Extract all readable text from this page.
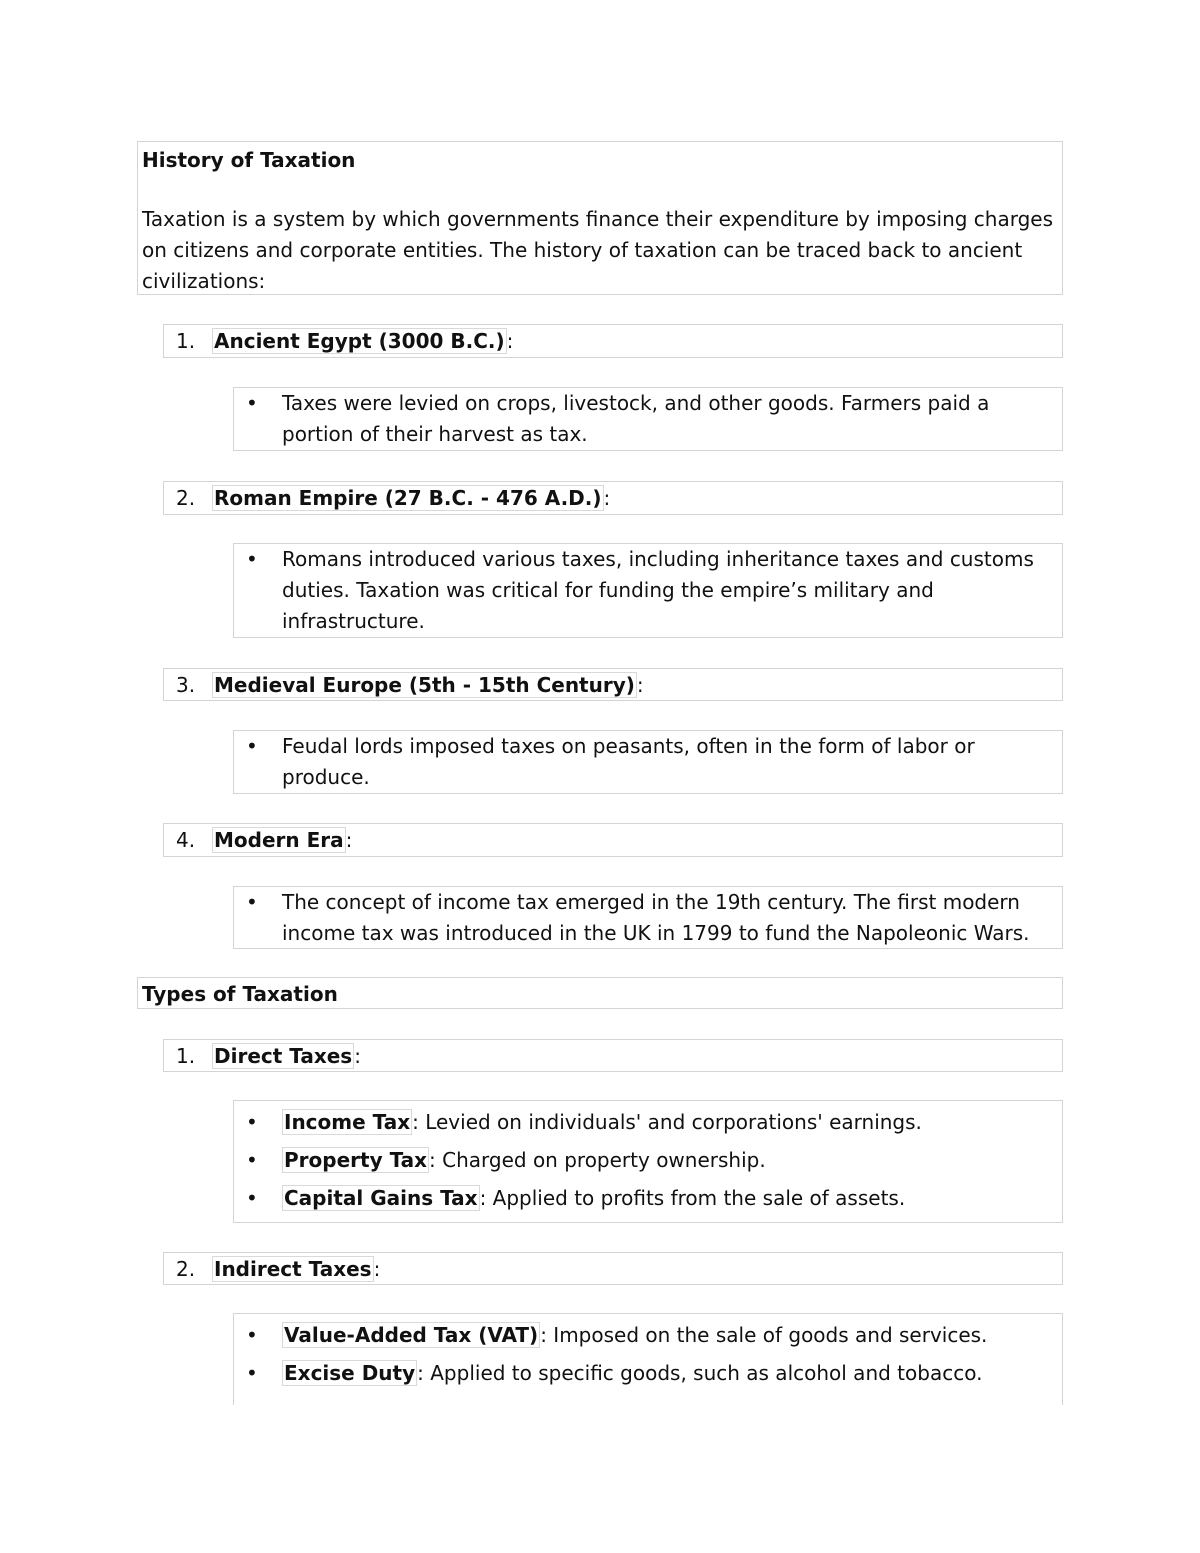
History of Taxation
Taxation is a system by which governments finance their expenditure by imposing charges on citizens and corporate entities. The history of taxation can be traced back to ancient civilizations:
1. Ancient Egypt (3000 B.C.) :
• Taxes were levied on crops, livestock, and other goods. Farmers paid a portion of their harvest as tax.
2. Roman Empire (27 B.C. - 476 A.D.) :
• Romans introduced various taxes, including inheritance taxes and customs duties. Taxation was critical for funding the empire’s military and infrastructure.
3. Medieval Europe (5th - 15th Century) :
• Feudal lords imposed taxes on peasants, often in the form of labor or produce.
4. Modern Era :
• The concept of income tax emerged in the 19th century. The first modern income tax was introduced in the UK in 1799 to fund the Napoleonic Wars.
Types of Taxation
1. Direct Taxes :
• Income Tax : Levied on individuals' and corporations' earnings.
• Property Tax : Charged on property ownership.
• Capital Gains Tax : Applied to profits from the sale of assets.
2. Indirect Taxes :
• Value-Added Tax (VAT) : Imposed on the sale of goods and services.
• Excise Duty : Applied to specific goods, such as alcohol and tobacco.
